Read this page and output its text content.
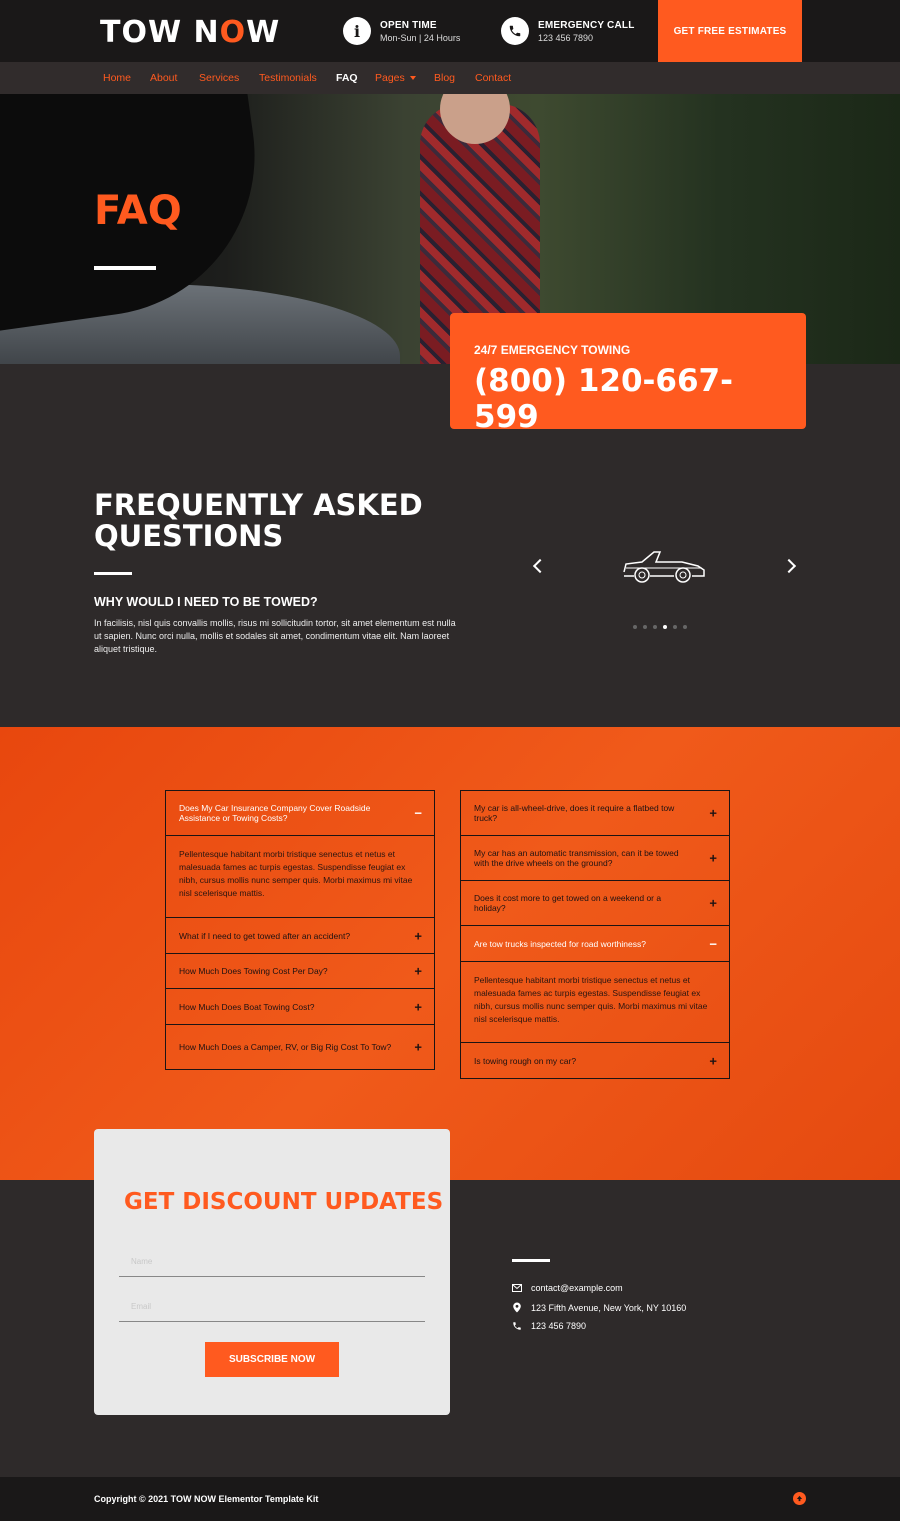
TOW NOW	i	OPEN TIME
Mon-Sun | 24 Hours
EMERGENCY CALL
123 456 7890
GET FREE ESTIMATES
Home About Services Testimonials FAQ Pages	Blog Contact
FAQ
24/7 EMERGENCY TOWING
(800) 120-667-599
FREQUENTLY ASKED
QUESTIONS
WHY WOULD I NEED TO BE TOWED?
In facilisis, nisl quis convallis mollis, risus mi sollicitudin tortor, sit amet elementum est nulla ut sapien. Nunc orci nulla, mollis et sodales sit amet, condimentum vitae elit. Nam laoreet aliquet tristique.
Does My Car Insurance Company Cover Roadside Assistance or Towing Costs?	−
Pellentesque habitant morbi tristique senectus et netus et malesuada fames ac turpis egestas. Suspendisse feugiat ex nibh, cursus mollis nunc semper quis. Morbi maximus mi vitae nisl scelerisque mattis.
What if I need to get towed after an accident?	+
How Much Does Towing Cost Per Day?	+
How Much Does Boat Towing Cost?	+
How Much Does a Camper, RV, or Big Rig Cost To Tow? +
My car is all-wheel-drive, does it require a flatbed tow truck?	+
My car has an automatic transmission, can it be towed with the drive wheels on the ground?	+
Does it cost more to get towed on a weekend or a holiday?	+
Are tow trucks inspected for road worthiness?	−
Pellentesque habitant morbi tristique senectus et netus et malesuada fames ac turpis egestas. Suspendisse feugiat ex nibh, cursus mollis nunc semper quis. Morbi maximus mi vitae nisl scelerisque mattis.
Is towing rough on my car?	+
GET DISCOUNT UPDATES
Name
Email
SUBSCRIBE NOW
contact@example.com
123 Fifth Avenue, New York, NY 10160
123 456 7890
Copyright © 2021 TOW NOW Elementor Template Kit
